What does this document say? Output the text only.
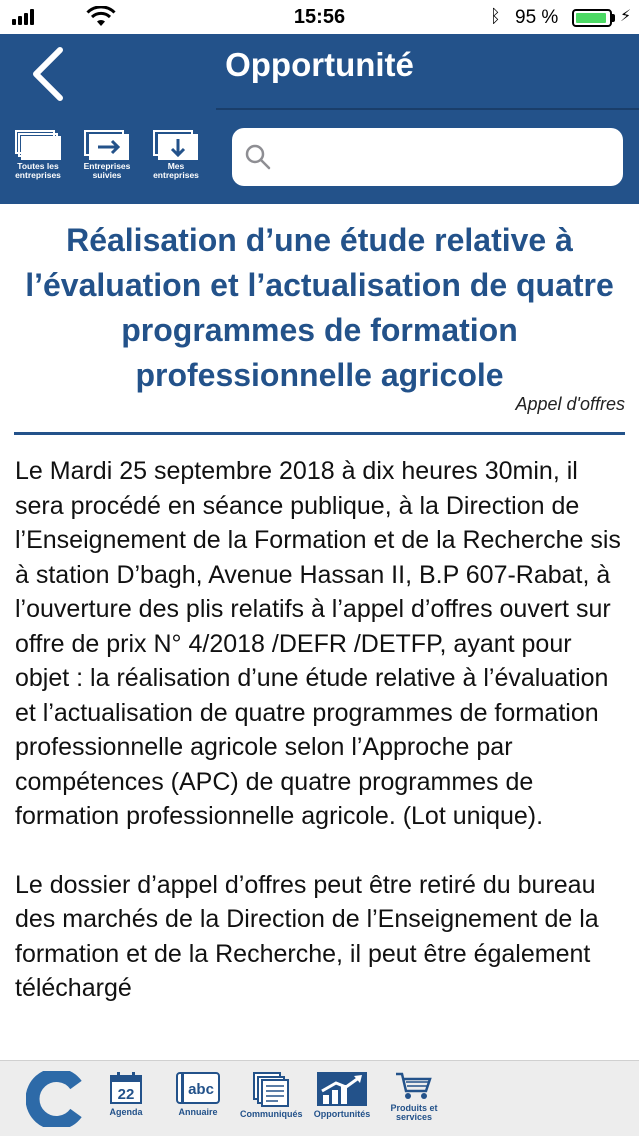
15:56	ᛒ 95 %	⚡
Opportunité
Toutes les entreprises
Entreprises suivies
Mes entreprises
Réalisation d’une étude relative à l’évaluation et l’actualisation de quatre programmes de formation professionnelle agricole
Appel d'offres

Le Mardi 25 septembre 2018 à dix heures 30min, il sera procédé en séance publique, à la Direction de l’Enseignement de la Formation et de la Recherche sis à station D’bagh, Avenue Hassan II, B.P 607-Rabat, à l’ouverture des plis relatifs à l’appel d’offres ouvert sur offre de prix N° 4/2018 /DEFR /DETFP, ayant pour objet : la réalisation d’une étude relative à l’évaluation et l’actualisation de quatre programmes de formation professionnelle agricole selon l’Approche par compétences (APC) de quatre programmes de formation professionnelle agricole. (Lot unique).

Le dossier d’appel d’offres peut être retiré du bureau des marchés de la Direction de l’Enseignement de la formation et de la Recherche, il peut être également téléchargé

22
Agenda
abc
Annuaire	Communiqués	Opportunités
Produits et services
